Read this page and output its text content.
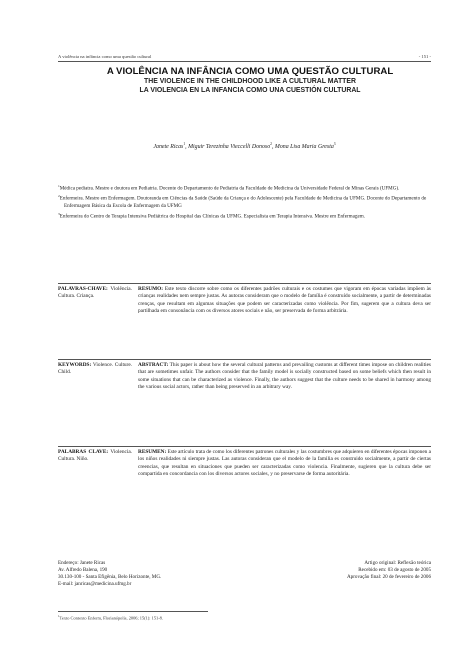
A violência na infância como uma questão cultural	- 151 -
A VIOLÊNCIA NA INFÂNCIA COMO UMA QUESTÃO CULTURAL
THE VIOLENCE IN THE CHILDHOOD LIKE A CULTURAL MATTER
LA VIOLENCIA EN LA INFANCIA COMO UNA CUESTIÓN CULTURAL
Janete Ricas$^1$, Miguir Terezinha Vieccelli Donoso$^2$, Mona Lisa Maria Gresta$^3$
$^1$Médica pediatra. Mestre e doutora em Pediatria. Docente do Departamento de Pediatria da Faculdade de Medicina da Universidade Federal de Minas Gerais (UFMG).
$^2$Enfermeira. Mestre em Enfermagem. Doutoranda em Ciências da Saúde (Saúde da Criança e do Adolescente) pela Faculdade de Medicina da UFMG. Docente do Departamento de Enfermagem Básica da Escola de Enfermagem da UFMG
$^3$Enfermeira do Centro de Terapia Intensiva Pediátrica do Hospital das Clínicas da UFMG. Especialista em Terapia Intensiva. Mestre em Enfermagem.
PALAVRAS-CHAVE: Violência. Cultura. Criança.
RESUMO: Este texto discorre sobre como os diferentes padrões culturais e os costumes que vigoram em épocas variadas impõem às crianças realidades nem sempre justas. As autoras consideram que o modelo de família é construído socialmente, a partir de determinadas crenças, que resultam em algumas situações que podem ser caracterizadas como violência. Por fim, sugerem que a cultura deva ser partilhada em consonância com os diversos atores sociais e não, ser preservada de forma arbitrária.
KEYWORDS: Violence. Culture. Child.
ABSTRACT: This paper is about how the several cultural patterns and prevailing customs at different times impose on children realities that are sometimes unfair. The authors consider that the family model is socially constructed based on some beliefs which then result in some situations that can be characterized as violence. Finally, the authors suggest that the culture needs to be shared in harmony among the various social actors, rather than being preserved in an arbitrary way.
PALABRAS CLAVE: Violencia. Cultura. Niño.
RESUMEN: Este artículo trata de como los diferentes patrones culturales y las costumbres que adquieren en diferentes épocas imponen a los niños realidades ni siempre justas. Las autoras consideran que el modelo de la familia es construido socialmente, a partir de ciertas creencias, que resultan en situaciones que pueden ser caracterizadas como violencia. Finalmente, sugieren que la cultura debe ser compartida en concordancia con los diversos actores sociales, y no preservarse de forma autoritária.
Endereço: Janete Ricas
Av. Alfredo Balena, 190
30.130-100 - Santa Efigênia, Belo Horizonte, MG.
E-mail: janricas@medicina.ufmg.br
Artigo original: Reflexão teórica
Recebido em: 03 de agosto de 2005
Aprovação final: 20 de fevereiro de 2006
$^1$Texto Contexto Enferm, Florianópolis, 2006; 15(1): 151-8.
